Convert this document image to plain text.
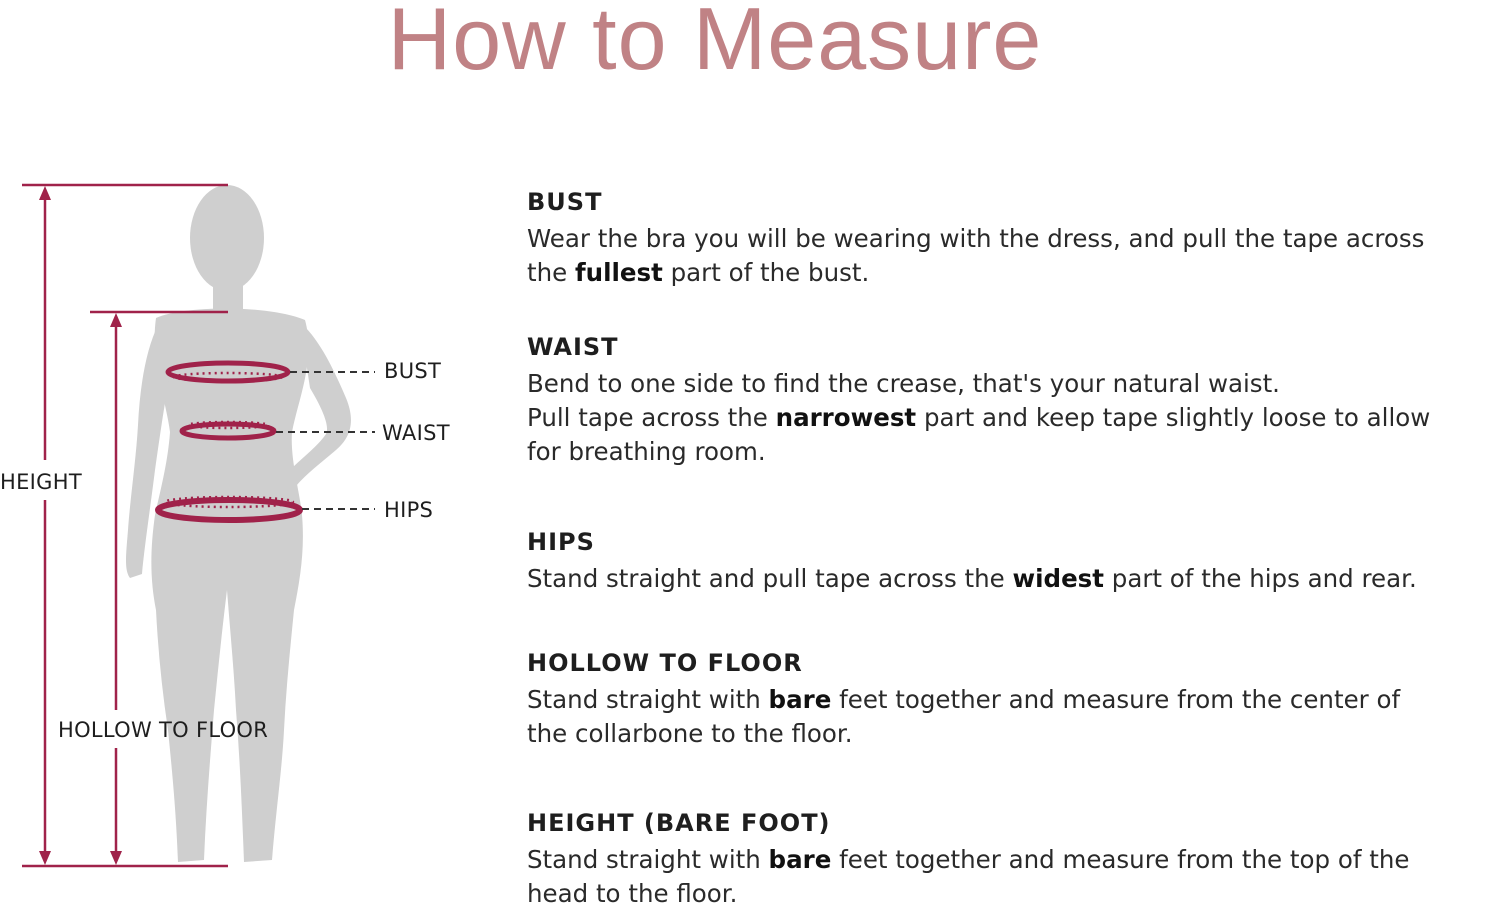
How to Measure
HEIGHT
HOLLOW TO FLOOR
BUST
WAIST
HIPS
BUST

Wear the bra you will be wearing with the dress, and pull the tape across
the fullest part of the bust.

WAIST

Bend to one side to find the crease, that's your natural waist.
Pull tape across the narrowest part and keep tape slightly loose to allow
for breathing room.

HIPS

Stand straight and pull tape across the widest part of the hips and rear.

HOLLOW TO FLOOR

Stand straight with bare feet together and measure from the center of
the collarbone to the floor.

HEIGHT (BARE FOOT)

Stand straight with bare feet together and measure from the top of the
head to the floor.
